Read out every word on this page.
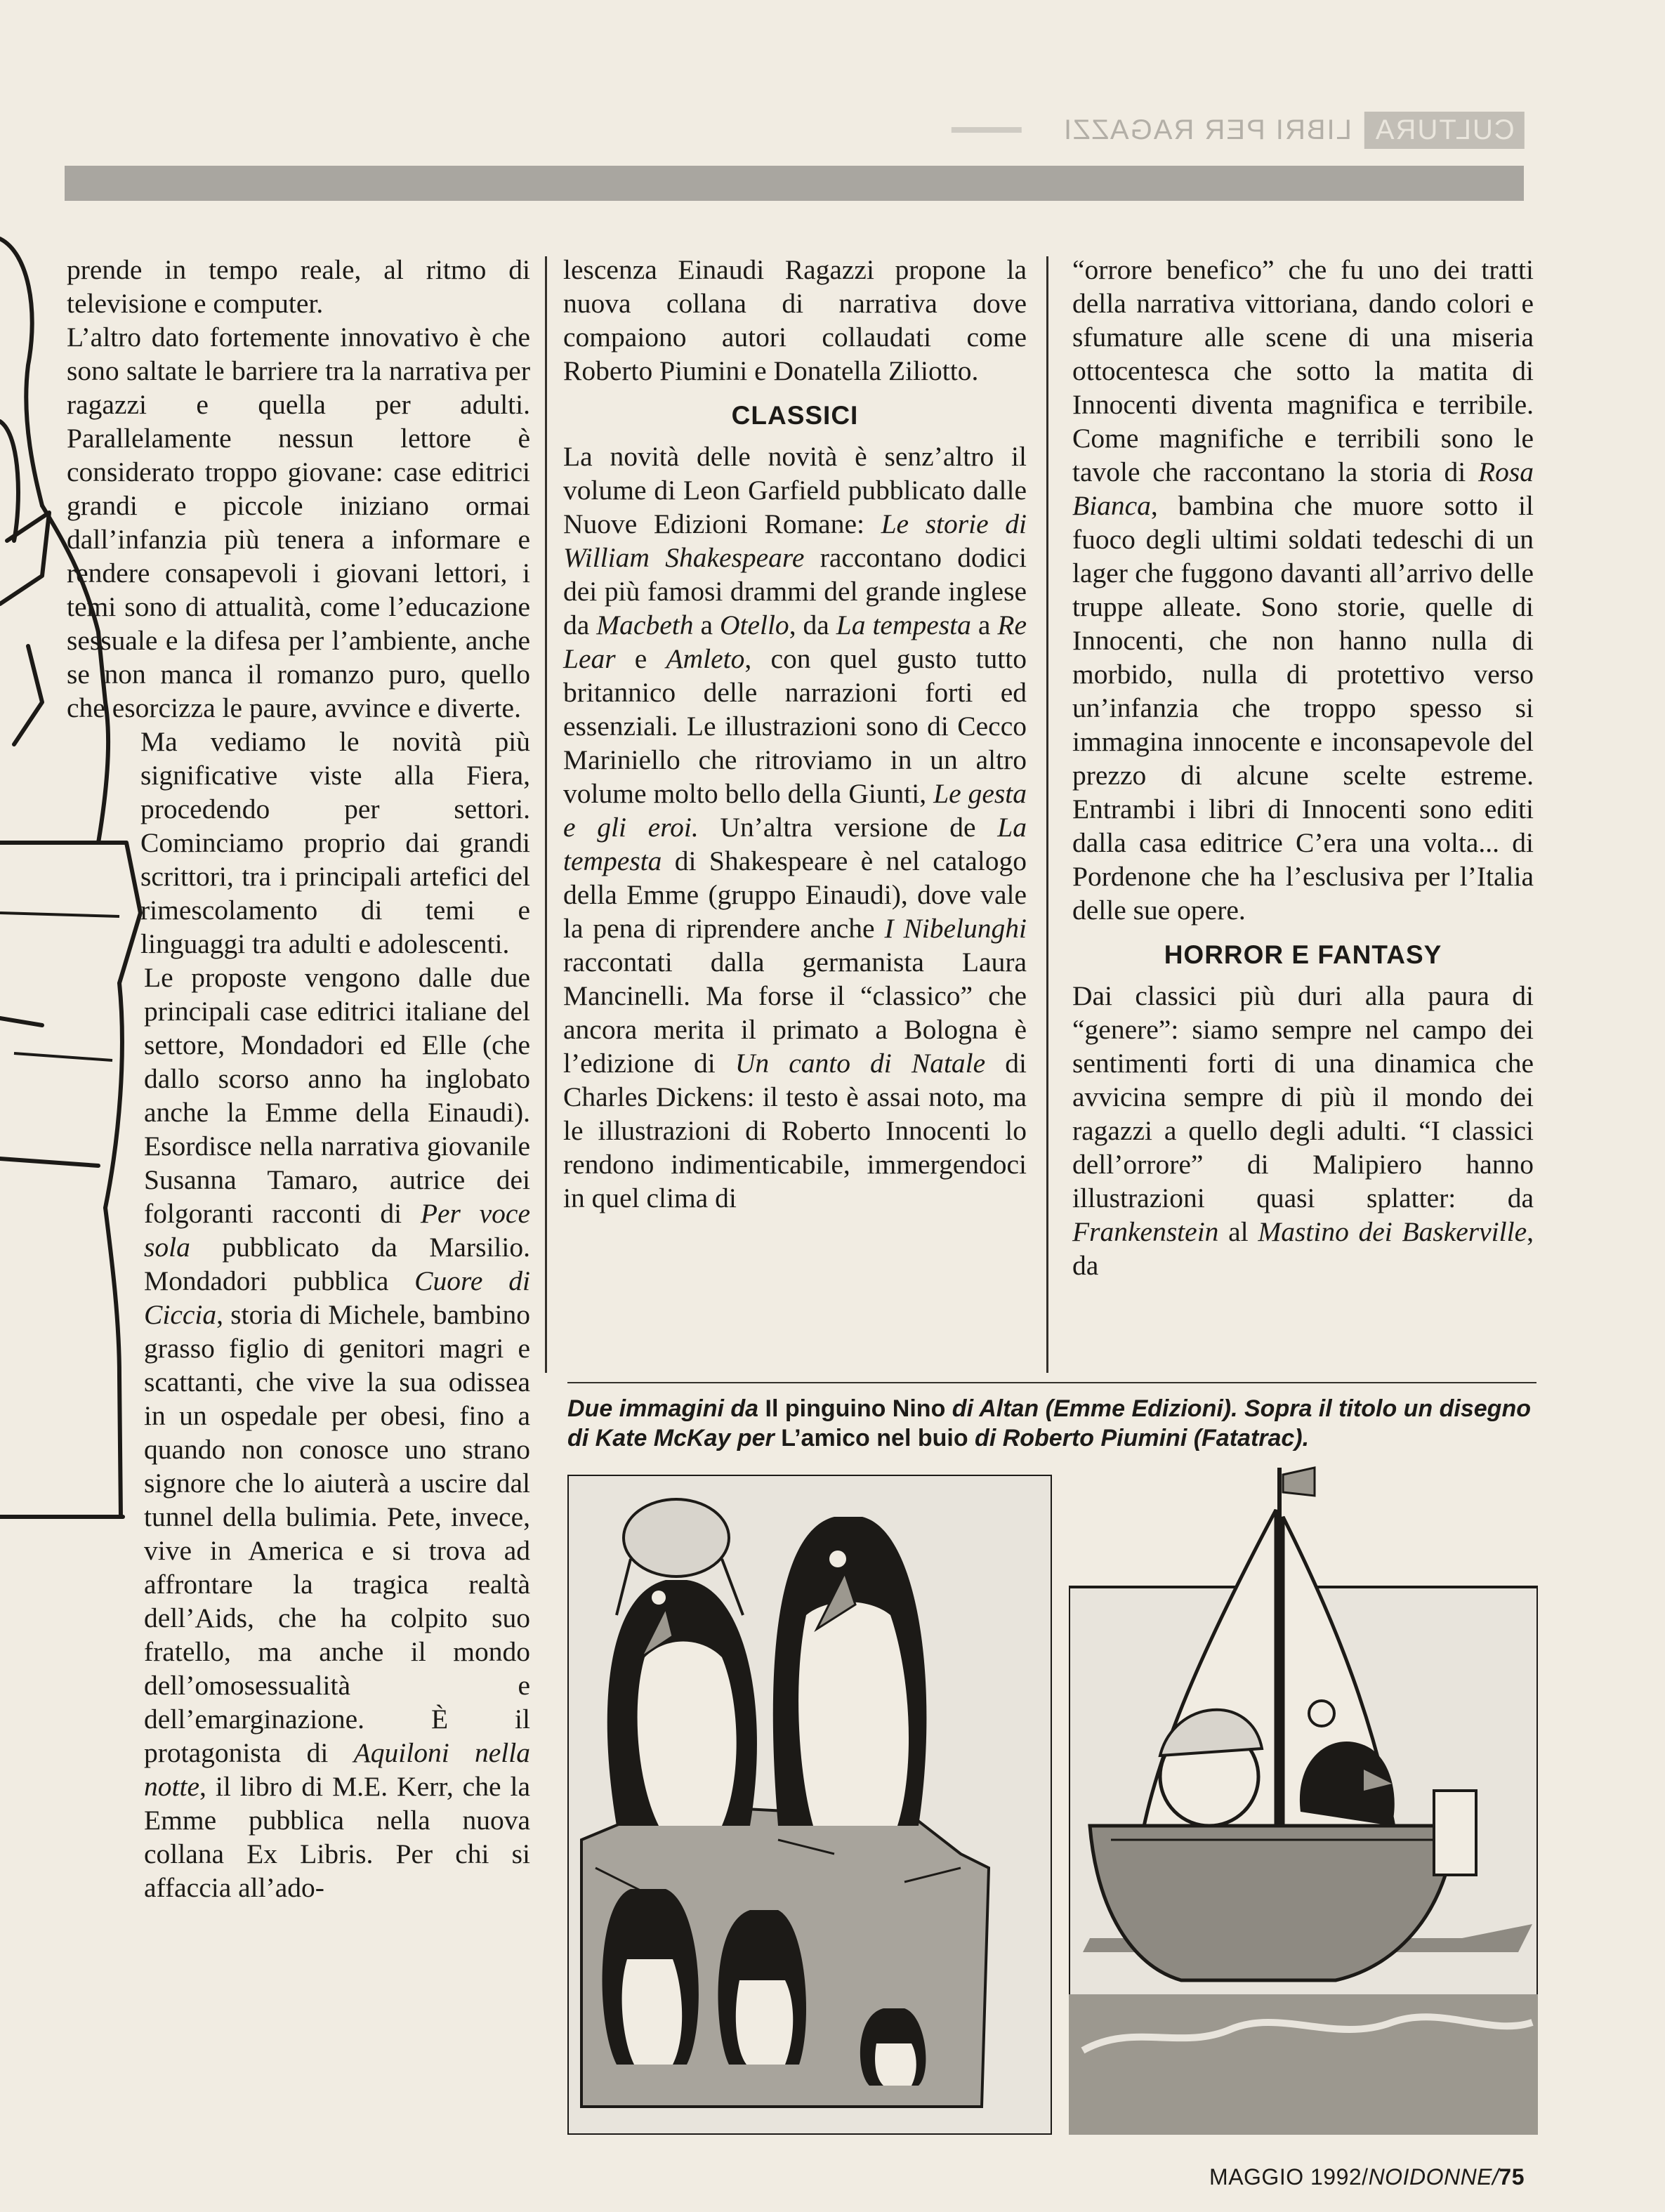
CULTURA
LIBRI PER RAGAZZI

prende in tempo reale, al ritmo di televisione e computer.

L’altro dato fortemente innovativo è che sono saltate le barriere tra la narrativa per ragazzi e quella per adulti. Parallelamente nessun lettore è considerato troppo giovane: case editrici grandi e piccole iniziano ormai dall’infanzia più tenera a informare e rendere consapevoli i giovani lettori, i temi sono di attualità, come l’educazione sessuale e la difesa per l’ambiente, anche se non manca il romanzo puro, quello che esorcizza le paure, avvince e diverte.

Ma vediamo le novità più significative viste alla Fiera, procedendo per settori. Cominciamo proprio dai grandi scrittori, tra i principali artefici del rimescolamento di temi e linguaggi tra adulti e adolescenti.

Le proposte vengono dalle due principali case editrici italiane del settore, Mondadori ed Elle (che dallo scorso anno ha inglobato anche la Emme della Einaudi). Esordisce nella narrativa giovanile Susanna Tamaro, autrice dei folgoranti racconti di Per voce sola pubblicato da Marsilio. Mondadori pubblica Cuore di Ciccia, storia di Michele, bambino grasso figlio di genitori magri e scattanti, che vive la sua odissea in un ospedale per obesi, fino a quando non conosce uno strano signore che lo aiuterà a uscire dal tunnel della bulimia. Pete, invece, vive in America e si trova ad affrontare la tragica realtà dell’Aids, che ha colpito suo fratello, ma anche il mondo dell’omosessualità e dell’emarginazione. È il protagonista di Aquiloni nella notte, il libro di M.E. Kerr, che la Emme pubblica nella nuova collana Ex Libris. Per chi si affaccia all’ado-

lescenza Einaudi Ragazzi propone la nuova collana di narrativa dove compaiono autori collaudati come Roberto Piumini e Donatella Ziliotto.

CLASSICI

La novità delle novità è senz’altro il volume di Leon Garfield pubblicato dalle Nuove Edizioni Romane: Le storie di William Shakespeare raccontano dodici dei più famosi drammi del grande inglese da Macbeth a Otello, da La tempesta a Re Lear e Amleto, con quel gusto tutto britannico delle narrazioni forti ed essenziali. Le illustrazioni sono di Cecco Mariniello che ritroviamo in un altro volume molto bello della Giunti, Le gesta e gli eroi. Un’altra versione de La tempesta di Shakespeare è nel catalogo della Emme (gruppo Einaudi), dove vale la pena di riprendere anche I Nibelunghi raccontati dalla germanista Laura Mancinelli. Ma forse il “classico” che ancora merita il primato a Bologna è l’edizione di Un canto di Natale di Charles Dickens: il testo è assai noto, ma le illustrazioni di Roberto Innocenti lo rendono indimenticabile, immergendoci in quel clima di

“orrore benefico” che fu uno dei tratti della narrativa vittoriana, dando colori e sfumature alle scene di una miseria ottocentesca che sotto la matita di Innocenti diventa magnifica e terribile. Come magnifiche e terribili sono le tavole che raccontano la storia di Rosa Bianca, bambina che muore sotto il fuoco degli ultimi soldati tedeschi di un lager che fuggono davanti all’arrivo delle truppe alleate. Sono storie, quelle di Innocenti, che non hanno nulla di morbido, nulla di protettivo verso un’infanzia che troppo spesso si immagina innocente e inconsapevole del prezzo di alcune scelte estreme. Entrambi i libri di Innocenti sono editi dalla casa editrice C’era una volta... di Pordenone che ha l’esclusiva per l’Italia delle sue opere.

HORROR E FANTASY

Dai classici più duri alla paura di “genere”: siamo sempre nel campo dei sentimenti forti di una dinamica che avvicina sempre di più il mondo dei ragazzi a quello degli adulti. “I classici dell’orrore” di Malipiero hanno illustrazioni quasi splatter: da Frankenstein al Mastino dei Baskerville, da

Due immagini da Il pinguino Nino di Altan (Emme Edizioni). Sopra il titolo un disegno di Kate McKay per L’amico nel buio di Roberto Piumini (Fatatrac).
MAGGIO 1992/NOIDONNE/75
